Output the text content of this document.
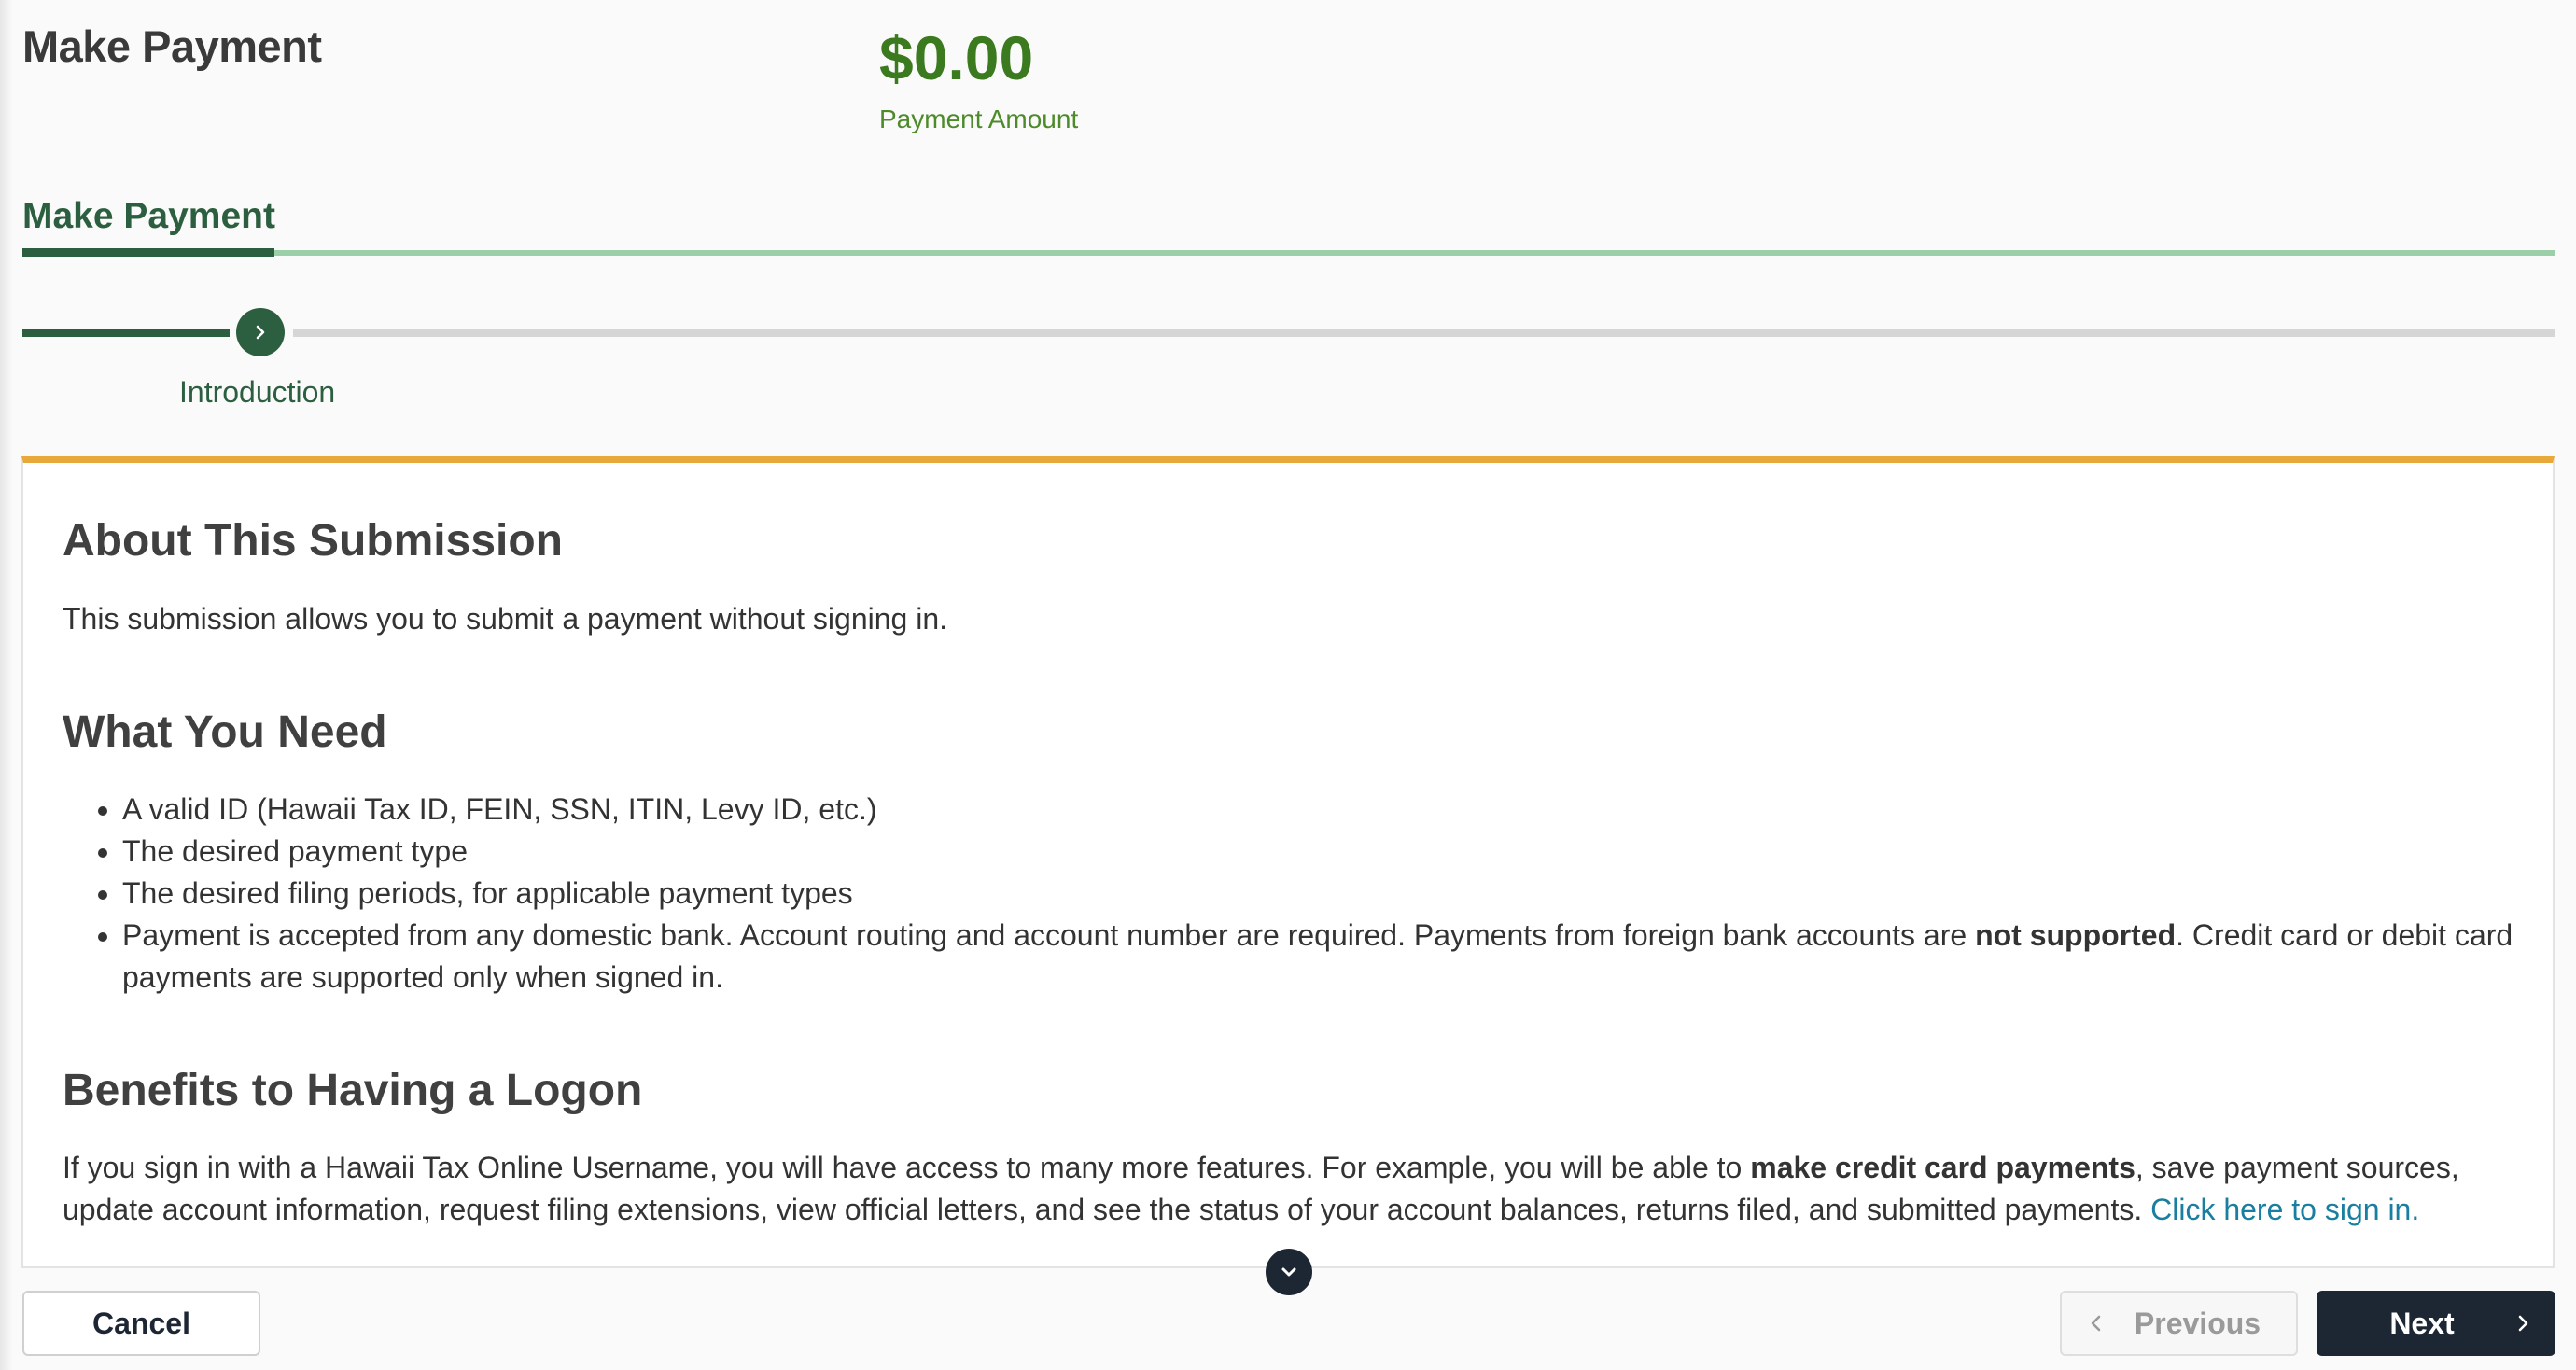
Make Payment	$0.00
Payment Amount
Make Payment
Introduction
About This Submission

This submission allows you to submit a payment without signing in.

What You Need
• A valid ID (Hawaii Tax ID, FEIN, SSN, ITIN, Levy ID, etc.)
• The desired payment type
• The desired filing periods, for applicable payment types
• Payment is accepted from any domestic bank. Account routing and account number are required. Payments from foreign bank accounts are not supported. Credit card or debit card payments are supported only when signed in.
Benefits to Having a Logon

If you sign in with a Hawaii Tax Online Username, you will have access to many more features. For example, you will be able to make credit card payments, save payment sources, update account information, request filing extensions, view official letters, and see the status of your account balances, returns filed, and submitted payments. Click here to sign in.

Cancel	Previous	Next
